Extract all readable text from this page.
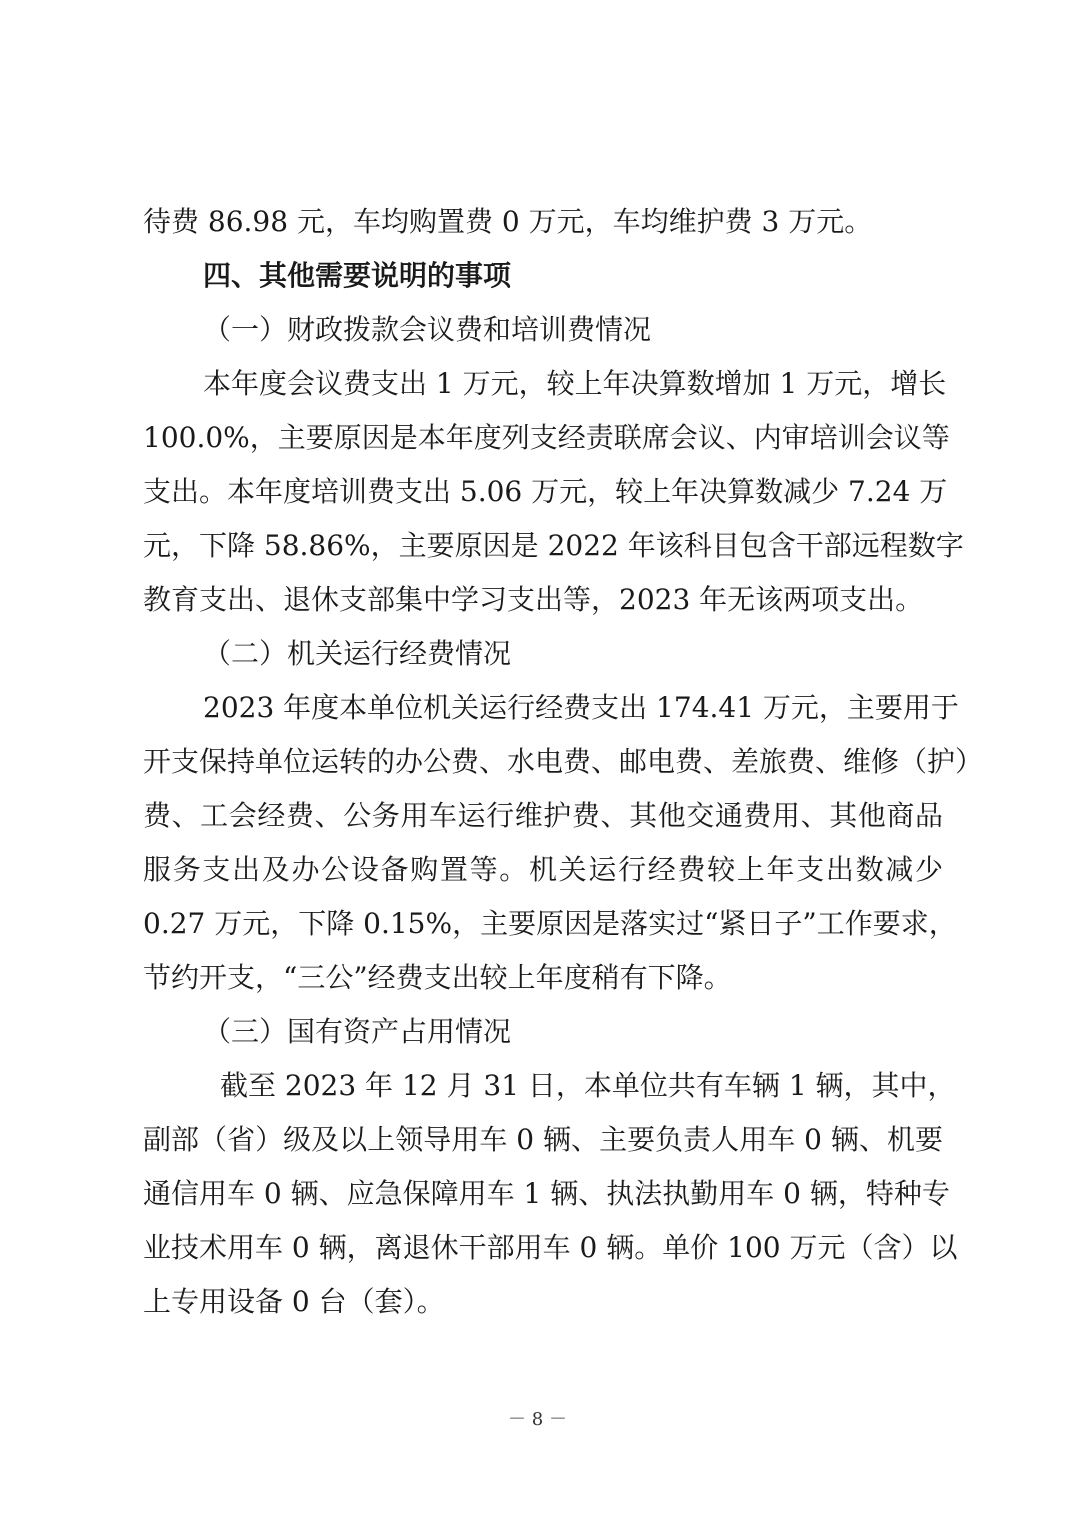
待费 86.98 元，车均购置费 0 万元，车均维护费 3 万元。
四、其他需要说明的事项
（一）财政拨款会议费和培训费情况
本年度会议费支出 1 万元，较上年决算数增加 1 万元，增长
100.0%，主要原因是本年度列支经责联席会议、内审培训会议等
支出。本年度培训费支出 5.06 万元，较上年决算数减少 7.24 万
元，下降 58.86%，主要原因是 2022 年该科目包含干部远程数字
教育支出、退休支部集中学习支出等，2023 年无该两项支出。
（二）机关运行经费情况
2023 年度本单位机关运行经费支出 174.41 万元，主要用于
开支保持单位运转的办公费、水电费、邮电费、差旅费、维修（护）
费、工会经费、公务用车运行维护费、其他交通费用、其他商品
服务支出及办公设备购置等。机关运行经费较上年支出数减少
0.27 万元，下降 0.15%，主要原因是落实过“紧日子”工作要求，
节约开支，“三公”经费支出较上年度稍有下降。
（三）国有资产占用情况
截至 2023 年 12 月 31 日，本单位共有车辆 1 辆，其中，
副部（省）级及以上领导用车 0 辆、主要负责人用车 0 辆、机要
通信用车 0 辆、应急保障用车 1 辆、执法执勤用车 0 辆，特种专
业技术用车 0 辆，离退休干部用车 0 辆。单价 100 万元（含）以
上专用设备 0 台（套）。
－ 8 －
